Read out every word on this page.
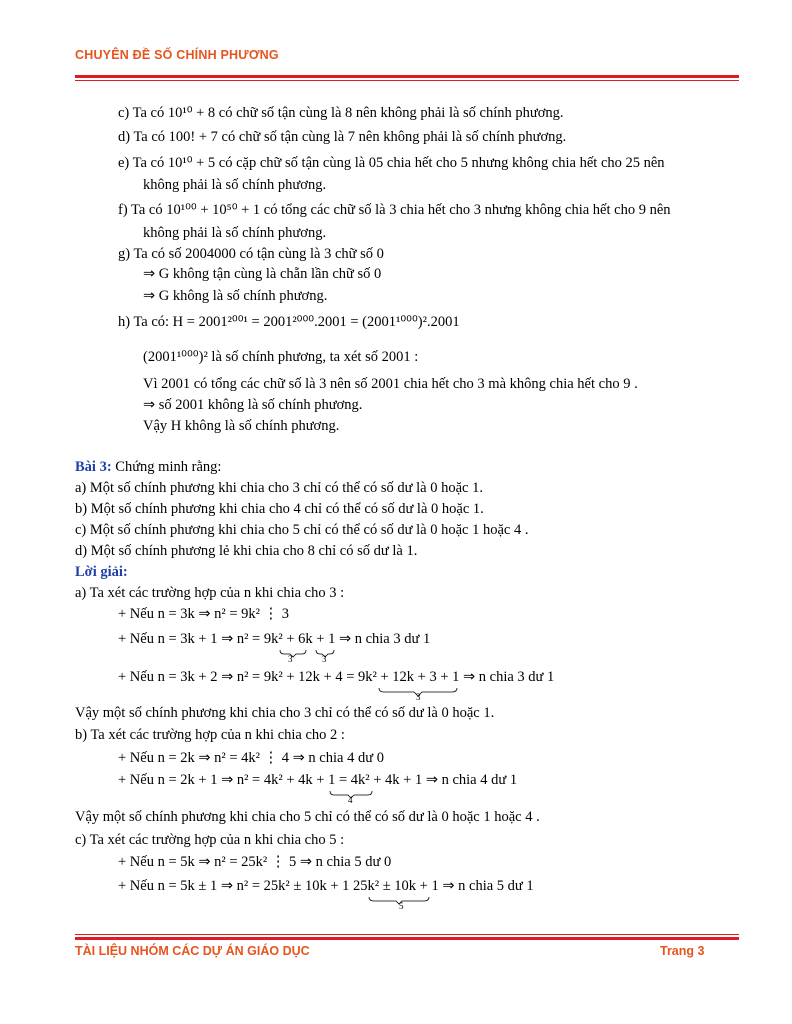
CHUYÊN ĐỀ SỐ CHÍNH PHƯƠNG
c) Ta có 10¹⁰ + 8 có chữ số tận cùng là 8 nên không phải là số chính phương.
d) Ta có 100! + 7 có chữ số tận cùng là 7 nên không phải là số chính phương.
e) Ta có 10¹⁰ + 5 có cặp chữ số tận cùng là 05 chia hết cho 5 nhưng không chia hết cho 25 nên
không phải là số chính phương.
f) Ta có 10¹⁰⁰ + 10⁵⁰ + 1 có tổng các chữ số là 3 chia hết cho 3 nhưng không chia hết cho 9 nên
không phải là số chính phương.
g) Ta có số 2004000 có tận cùng là 3 chữ số 0
⇒ G không tận cùng là chẵn lần chữ số 0
⇒ G không là số chính phương.
h) Ta có: H = 2001²⁰⁰¹ = 2001²⁰⁰⁰.2001 = (2001¹⁰⁰⁰)².2001
(2001¹⁰⁰⁰)² là số chính phương, ta xét số 2001 :
Vì 2001 có tổng các chữ số là 3 nên số 2001 chia hết cho 3 mà không chia hết cho 9 .
⇒ số 2001 không là số chính phương.
Vậy H không là số chính phương.
Bài 3: Chứng minh rằng:
a) Một số chính phương khi chia cho 3 chỉ có thể có số dư là 0 hoặc 1.
b) Một số chính phương khi chia cho 4 chỉ có thể có số dư là 0 hoặc 1.
c) Một số chính phương khi chia cho 5 chỉ có thể có số dư là 0 hoặc 1 hoặc 4 .
d) Một số chính phương lẻ khi chia cho 8 chỉ có số dư là 1.
Lời giải:
a) Ta xét các trường hợp của n khi chia cho 3 :
+ Nếu n = 3k ⇒ n² = 9k² ⋮ 3
+ Nếu n = 3k + 1 ⇒ n² = 9k² + 6k + 1 ⇒ n chia 3 dư 1
+ Nếu n = 3k + 2 ⇒ n² = 9k² + 12k + 4 = 9k² + 12k + 3 + 1 ⇒ n chia 3 dư 1
Vậy một số chính phương khi chia cho 3 chỉ có thể có số dư là 0 hoặc 1.
b) Ta xét các trường hợp của n khi chia cho 2 :
+ Nếu n = 2k ⇒ n² = 4k² ⋮ 4 ⇒ n chia 4 dư 0
+ Nếu n = 2k + 1 ⇒ n² = 4k² + 4k + 1 = 4k² + 4k + 1 ⇒ n chia 4 dư 1
Vậy một số chính phương khi chia cho 5 chỉ có thể có số dư là 0 hoặc 1 hoặc 4 .
c) Ta xét các trường hợp của n khi chia cho 5 :
+ Nếu n = 5k ⇒ n² = 25k² ⋮ 5 ⇒ n chia 5 dư 0
+ Nếu n = 5k ± 1 ⇒ n² = 25k² ± 10k + 1 25k² ± 10k + 1 ⇒ n chia 5 dư 1
3	3
3
4
5
TÀI LIỆU NHÓM CÁC DỰ ÁN GIÁO DỤC	Trang 3
